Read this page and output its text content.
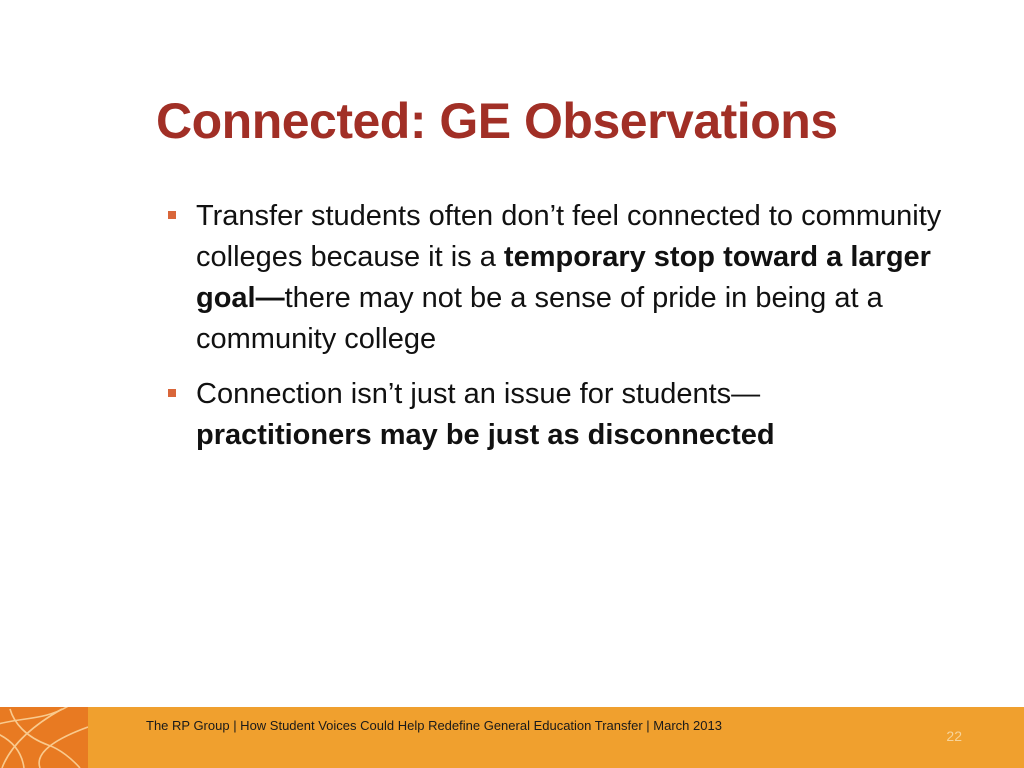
Connected: GE Observations
Transfer students often don’t feel connected to community colleges because it is a temporary stop toward a larger goal—there may not be a sense of pride in being at a community college
Connection isn’t just an issue for students— practitioners may be just as disconnected
The RP Group | How Student Voices Could Help Redefine General Education Transfer | March 2013
22
